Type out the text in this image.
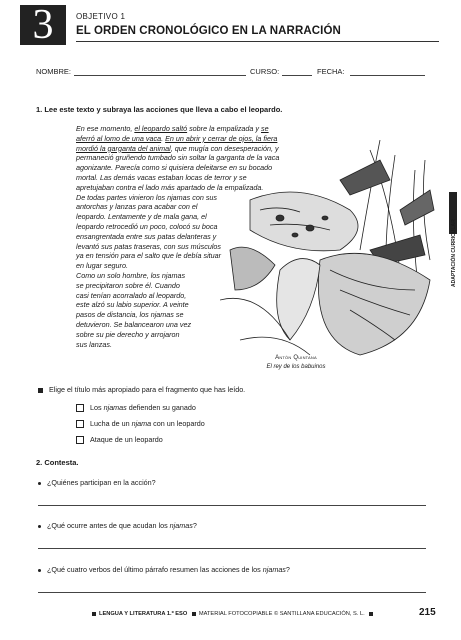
3	OBJETIVO 1
EL ORDEN CRONOLÓGICO EN LA NARRACIÓN
NOMBRE:	CURSO:	FECHA:
1. Lee este texto y subraya las acciones que lleva a cabo el leopardo.

En ese momento, el leopardo saltó sobre la empalizada y se aferró al lomo de una vaca. En un abrir y cerrar de ojos, la fiera mordió la garganta del animal, que mugía con desesperación, y permaneció gruñendo tumbado sin soltar la garganta de la vaca agonizante. Parecía como si quisiera deleitarse en su bocado mortal. Las demás vacas estaban locas de terror y se apretujaban contra el lado más apartado de la empalizada.

De todas partes vinieron los njamas con sus antorchas y lanzas para acabar con el leopardo. Lentamente y de mala gana, el leopardo retrocedió un poco, colocó su boca ensangrentada entre sus patas delanteras y levantó sus patas traseras, con sus músculos ya en tensión para el salto que le debía situar en lugar seguro.

Como un solo hombre, los njamas se precipitaron sobre él. Cuando casi tenían acorralado al leopardo, este alzó su labio superior. A veinte pasos de distancia, los njamas se detuvieron. Se balancearon una vez sobre su pie derecho y arrojaron sus lanzas.

Antón Quintana
El rey de los babuinos
ADAPTACIÓN CURRICULAR
Elige el título más apropiado para el fragmento que has leído.
Los njamas defienden su ganado
Lucha de un njama con un leopardo
Ataque de un leopardo
2. Contesta.
¿Quiénes participan en la acción?
¿Qué ocurre antes de que acudan los njamas?
¿Qué cuatro verbos del último párrafo resumen las acciones de los njamas?
LENGUA Y LITERATURA 1.º ESO MATERIAL FOTOCOPIABLE © SANTILLANA EDUCACIÓN, S. L.	215
